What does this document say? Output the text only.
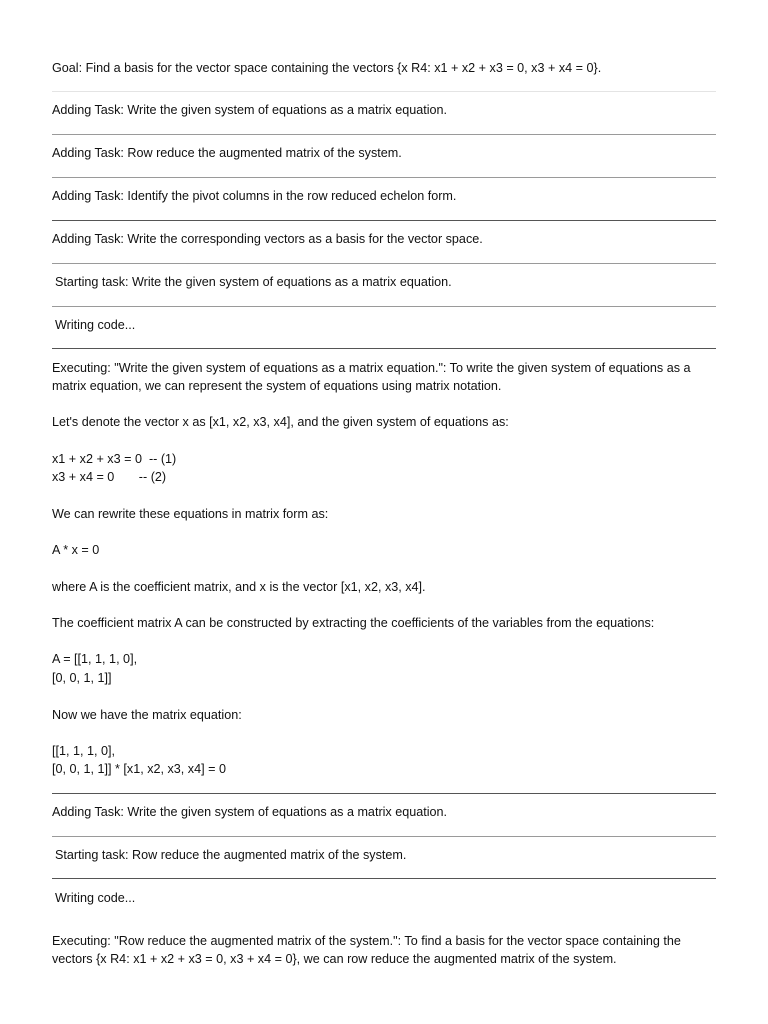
Goal: Find a basis for the vector space containing the vectors {x R4: x1 + x2 + x3 = 0, x3 + x4 = 0}.
Adding Task: Write the given system of equations as a matrix equation.
Adding Task: Row reduce the augmented matrix of the system.
Adding Task: Identify the pivot columns in the row reduced echelon form.
Adding Task: Write the corresponding vectors as a basis for the vector space.
Starting task: Write the given system of equations as a matrix equation.
Writing code...
Executing: "Write the given system of equations as a matrix equation.": To write the given system of equations as a
matrix equation, we can represent the system of equations using matrix notation.
Let's denote the vector x as [x1, x2, x3, x4], and the given system of equations as:
x1 + x2 + x3 = 0  -- (1)
x3 + x4 = 0       -- (2)
We can rewrite these equations in matrix form as:
A * x = 0
where A is the coefficient matrix, and x is the vector [x1, x2, x3, x4].
The coefficient matrix A can be constructed by extracting the coefficients of the variables from the equations:
A = [[1, 1, 1, 0],
[0, 0, 1, 1]]
Now we have the matrix equation:
[[1, 1, 1, 0],
[0, 0, 1, 1]] * [x1, x2, x3, x4] = 0
Adding Task: Write the given system of equations as a matrix equation.
Starting task: Row reduce the augmented matrix of the system.
Writing code...
Executing: "Row reduce the augmented matrix of the system.": To find a basis for the vector space containing the
vectors {x R4: x1 + x2 + x3 = 0, x3 + x4 = 0}, we can row reduce the augmented matrix of the system.
